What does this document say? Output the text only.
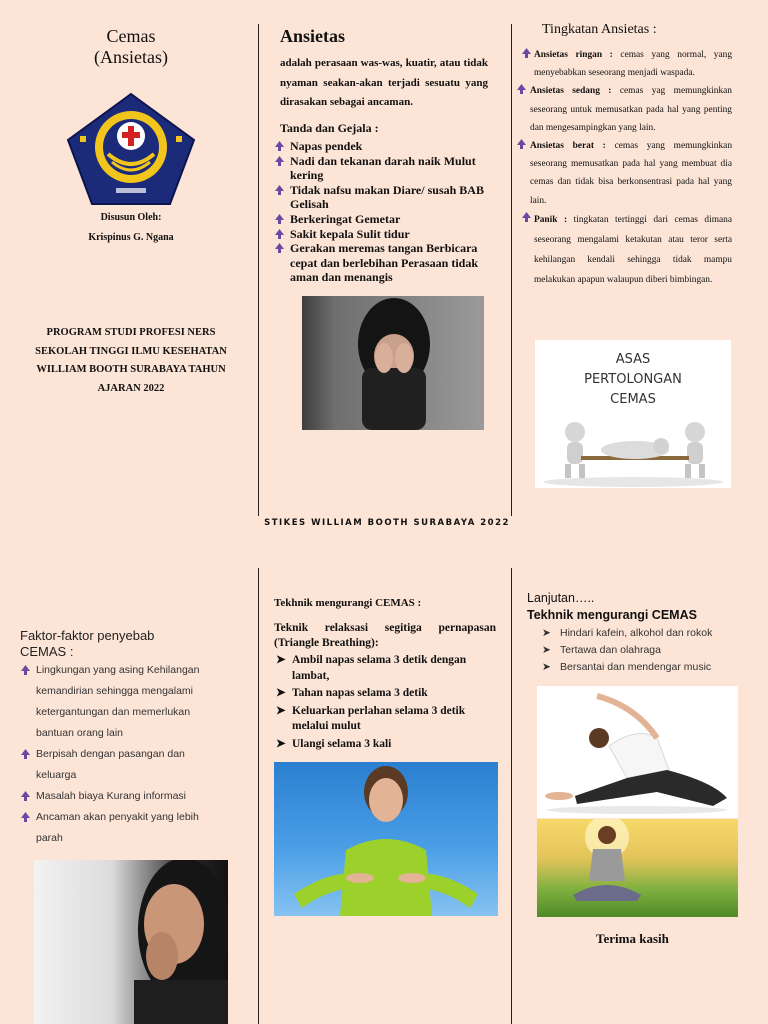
Cemas
(Ansietas)
Disusun Oleh:
Krispinus G. Ngana
PROGRAM STUDI PROFESI NERS
SEKOLAH TINGGI ILMU KESEHATAN
WILLIAM BOOTH SURABAYA TAHUN
AJARAN 2022
Ansietas
adalah perasaan was-was, kuatir, atau tidak nyaman seakan-akan terjadi sesuatu yang dirasakan sebagai ancaman.
Tanda dan Gejala :
Napas pendek
Nadi dan tekanan darah naik Mulut kering
Tidak nafsu makan Diare/ susah BAB Gelisah
Berkeringat Gemetar
Sakit kepala Sulit tidur
Gerakan meremas tangan Berbicara cepat dan berlebihan Perasaan tidak aman dan menangis
Tingkatan Ansietas :
Ansietas ringan : cemas yang normal, yang menyebabkan seseorang menjadi waspada.
Ansietas sedang : cemas yag memungkinkan seseorang untuk memusatkan pada hal yang penting dan mengesampingkan yang lain.
Ansietas berat : cemas yang memungkinkan seseorang memusatkan pada hal yang membuat dia cemas dan tidak bisa berkonsentrasi pada hal yang lain.
Panik : tingkatan tertinggi dari cemas dimana seseorang mengalami ketakutan atau teror serta kehilangan kendali sehingga tidak mampu melakukan apapun walaupun diberi bimbingan.
ASAS
PERTOLONGAN
CEMAS
STIKES WILLIAM BOOTH SURABAYA 2022
Faktor-faktor penyebab CEMAS :
Lingkungan yang asing Kehilangan kemandirian sehingga mengalami ketergantungan dan memerlukan bantuan orang lain
Berpisah dengan pasangan dan keluarga
Masalah biaya Kurang informasi
Ancaman akan penyakit yang lebih parah
Tekhnik mengurangi CEMAS :
Teknik relaksasi segitiga pernapasan (Triangle Breathing):
➤ Ambil napas selama 3 detik dengan lambat,
➤ Tahan napas selama 3 detik
➤ Keluarkan perlahan selama 3 detik melalui mulut
➤ Ulangi selama 3 kali
Lanjutan…..
Tekhnik mengurangi CEMAS
➤ Hindari kafein, alkohol dan rokok
➤ Tertawa dan olahraga
➤ Bersantai dan mendengar music
Terima kasih
